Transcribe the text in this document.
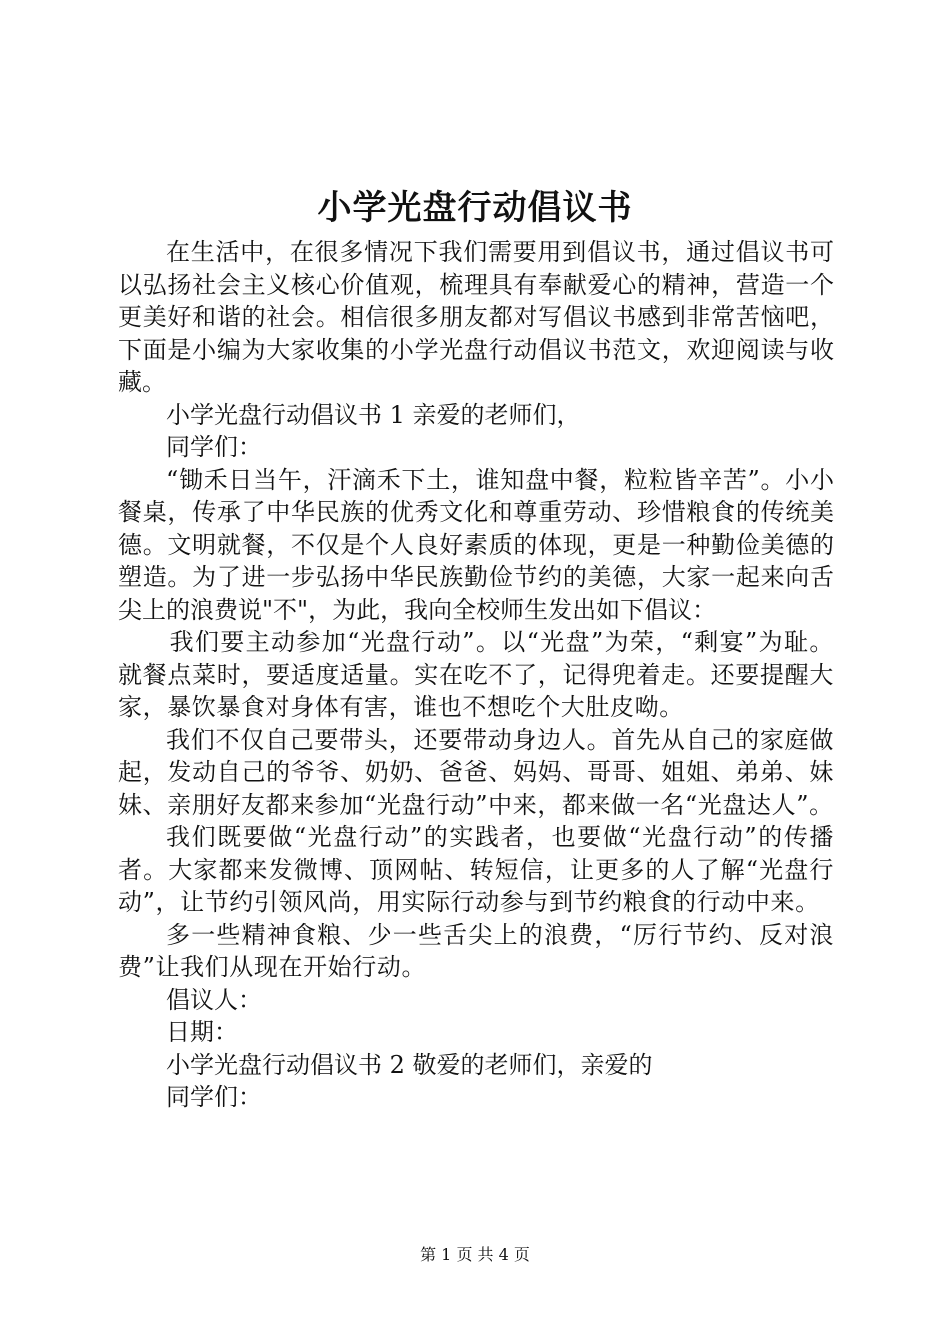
小学光盘行动倡议书

在生活中，在很多情况下我们需要用到倡议书，通过倡议书可以弘扬社会主义核心价值观，梳理具有奉献爱心的精神，营造一个更美好和谐的社会。相信很多朋友都对写倡议书感到非常苦恼吧，下面是小编为大家收集的小学光盘行动倡议书范文，欢迎阅读与收藏。

小学光盘行动倡议书 1 亲爱的老师们，

同学们：

“锄禾日当午，汗滴禾下土，谁知盘中餐，粒粒皆辛苦”。小小餐桌，传承了中华民族的优秀文化和尊重劳动、珍惜粮食的传统美德。文明就餐，不仅是个人良好素质的体现，更是一种勤俭美德的塑造。为了进一步弘扬中华民族勤俭节约的美德，大家一起来向舌尖上的浪费说"不"，为此，我向全校师生发出如下倡议：

我们要主动参加“光盘行动”。以“光盘”为荣，“剩宴”为耻。就餐点菜时，要适度适量。实在吃不了，记得兜着走。还要提醒大家，暴饮暴食对身体有害，谁也不想吃个大肚皮呦。

我们不仅自己要带头，还要带动身边人。首先从自己的家庭做起，发动自己的爷爷、奶奶、爸爸、妈妈、哥哥、姐姐、弟弟、妹妹、亲朋好友都来参加“光盘行动”中来，都来做一名“光盘达人”。

我们既要做“光盘行动”的实践者，也要做“光盘行动”的传播者。大家都来发微博、顶网帖、转短信，让更多的人了解“光盘行动”，让节约引领风尚，用实际行动参与到节约粮食的行动中来。

多一些精神食粮、少一些舌尖上的浪费，“厉行节约、反对浪费”让我们从现在开始行动。

倡议人：

日期：

小学光盘行动倡议书 2 敬爱的老师们，亲爱的

同学们：

第 1 页 共 4 页
